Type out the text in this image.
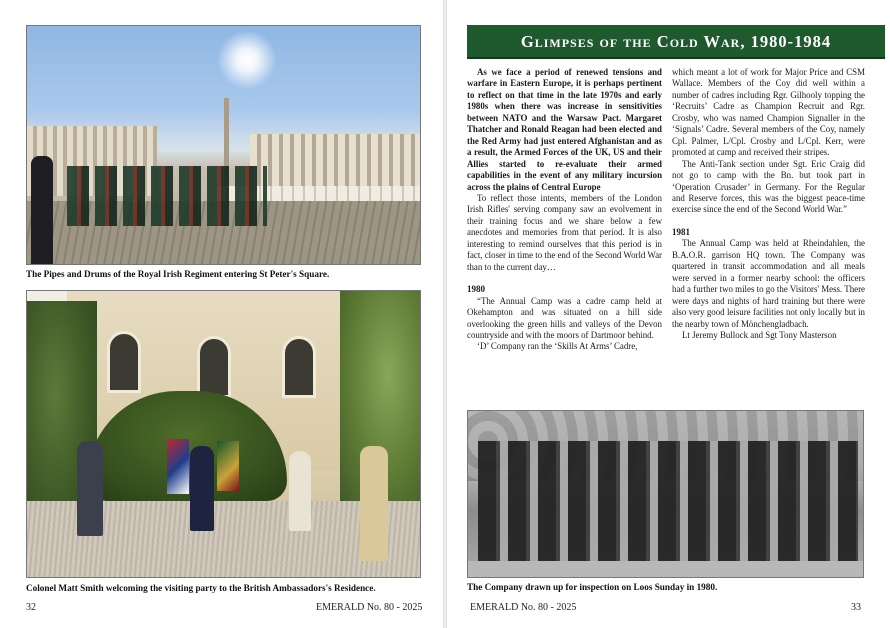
The Pipes and Drums of the Royal Irish Regiment entering St Peter's Square.
Colonel Matt Smith welcoming the visiting party to the British Ambassadors's Residence.
32	EMERALD No. 80 - 2025
Glimpses of the Cold War, 1980-1984

As we face a period of renewed tensions and warfare in Eastern Europe, it is perhaps pertinent to reflect on that time in the late 1970s and early 1980s when there was increase in sensitivities between NATO and the Warsaw Pact. Margaret Thatcher and Ronald Reagan had been elected and the Red Army had just entered Afghanistan and as a result, the Armed Forces of the UK, US and their Allies started to re-evaluate their armed capabilities in the event of any military incursion across the plains of Central Europe

To reflect those intents, members of the London Irish Rifles' serving company saw an evolvement in their training focus and we share below a few anecdotes and memories from that period. It is also interesting to remind ourselves that this period is in fact, closer in time to the end of the Second World War than to the current day…

1980

“The Annual Camp was a cadre camp held at Okehampton and was situated on a hill side overlooking the green hills and valleys of the Devon countryside and with the moors of Dartmoor behind.

‘D’ Company ran the ‘Skills At Arms’ Cadre,

which meant a lot of work for Major Price and CSM Wallace. Members of the Coy did well within a number of cadres including Rgr. Gilhooly topping the ‘Recruits’ Cadre as Champion Recruit and Rgr. Crosby, who was named Champion Signaller in the ‘Signals’ Cadre. Several members of the Coy, namely Cpl. Palmer, L/Cpl. Crosby and L/Cpl. Kerr, were promoted at camp and received their stripes.

The Anti-Tank section under Sgt. Eric Craig did not go to camp with the Bn. but took part in ‘Operation Crusader’ in Germany. For the Regular and Reserve forces, this was the biggest peace-time exercise since the end of the Second World War.”

1981

The Annual Camp was held at Rheindahlen, the B.A.O.R. garrison HQ town. The Company was quartered in transit accommodation and all meals were served in a former nearby school: the officers had a further two miles to go the Visitors' Mess. There were days and nights of hard training but there were also very good leisure facilities not only locally but in the nearby town of Mönchengladbach.

Lt Jeremy Bullock and Sgt Tony Masterson

The Company drawn up for inspection on Loos Sunday in 1980.
EMERALD No. 80 - 2025	33
